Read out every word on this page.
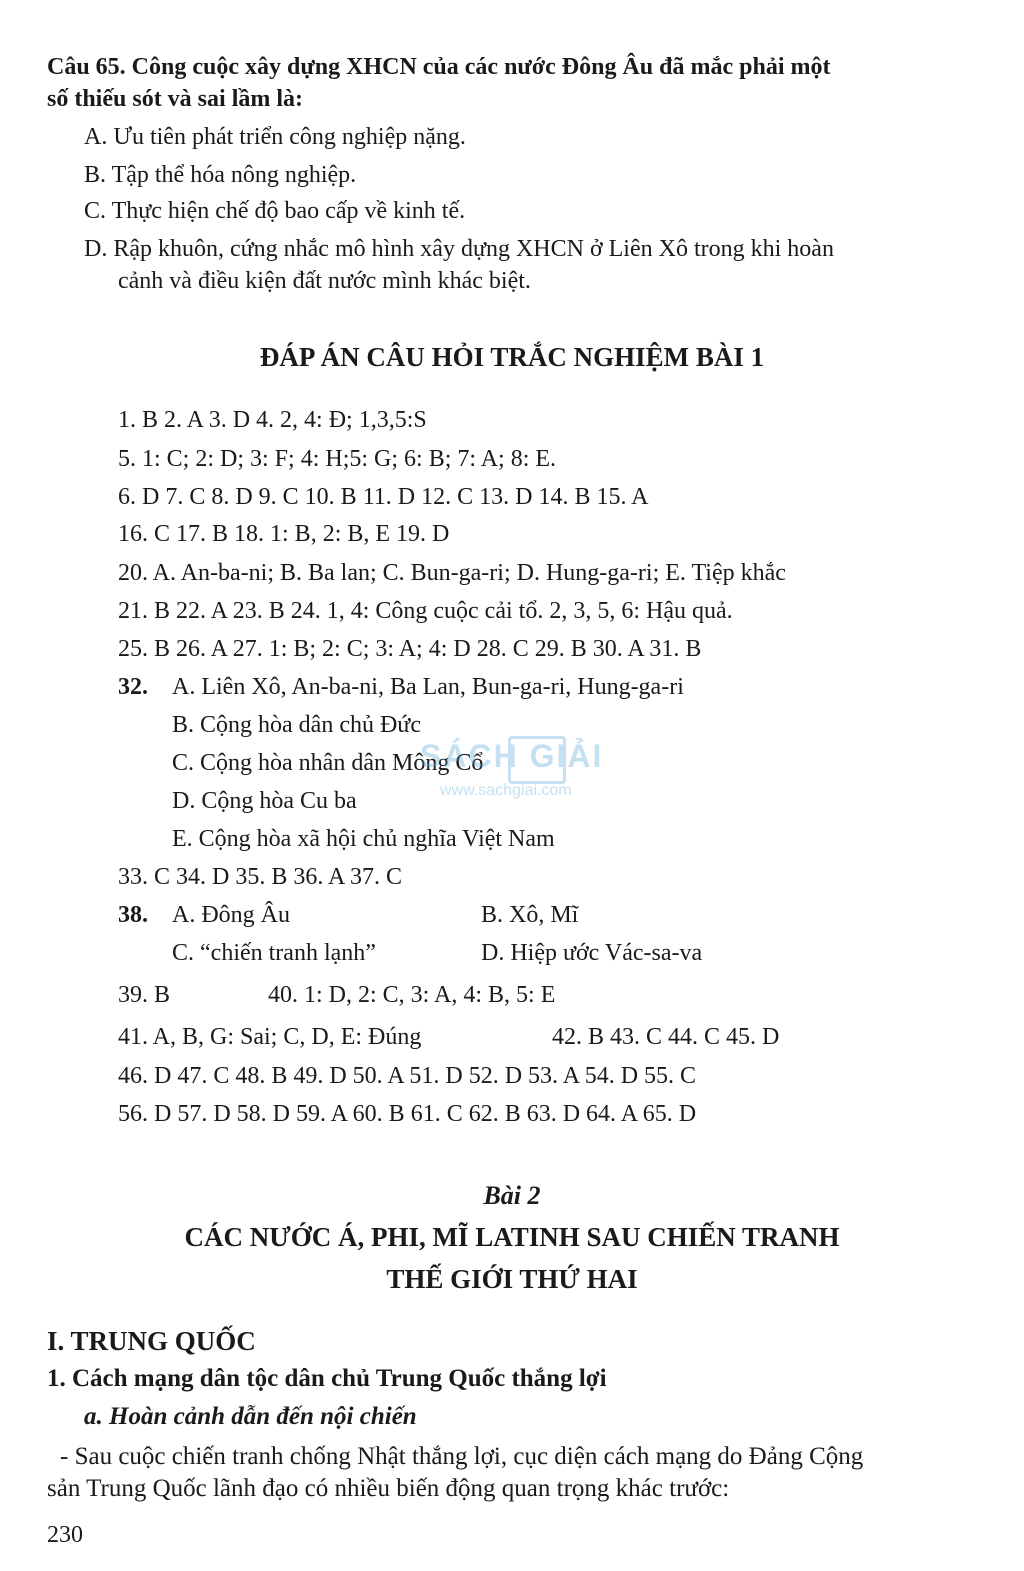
Câu 65. Công cuộc xây dựng XHCN của các nước Đông Âu đã mắc phải một
số thiếu sót và sai lầm là:
A. Ưu tiên phát triển công nghiệp nặng.
B. Tập thể hóa nông nghiệp.
C. Thực hiện chế độ bao cấp về kinh tế.
D. Rập khuôn, cứng nhắc mô hình xây dựng XHCN ở Liên Xô trong khi hoàn
cảnh và điều kiện đất nước mình khác biệt.
ĐÁP ÁN CÂU HỎI TRẮC NGHIỆM BÀI 1
1. B 2. A 3. D 4. 2, 4: Đ; 1,3,5:S
5. 1: C; 2: D; 3: F; 4: H;5: G; 6: B; 7: A; 8: E.
6. D 7. C 8. D 9. C 10. B 11. D 12. C 13. D 14. B 15. A
16. C 17. B 18. 1: B, 2: B, E 19. D
20. A. An-ba-ni; B. Ba lan; C. Bun-ga-ri; D. Hung-ga-ri; E. Tiệp khắc
21. B 22. A 23. B 24. 1, 4: Công cuộc cải tổ. 2, 3, 5, 6: Hậu quả.
25. B 26. A 27. 1: B; 2: C; 3: A; 4: D 28. C 29. B 30. A 31. B
32. A. Liên Xô, An-ba-ni, Ba Lan, Bun-ga-ri, Hung-ga-ri
B. Cộng hòa dân chủ Đức
C. Cộng hòa nhân dân Mông Cổ
D. Cộng hòa Cu ba
E. Cộng hòa xã hội chủ nghĩa Việt Nam
33. C 34. D 35. B 36. A 37. C
38. A. Đông Âu	B. Xô, Mĩ
C. “chiến tranh lạnh”	D. Hiệp ước Vác-sa-va
39. B	40. 1: D, 2: C, 3: A, 4: B, 5: E
41. A, B, G: Sai; C, D, E: Đúng	42. B 43. C 44. C 45. D
46. D 47. C 48. B 49. D 50. A 51. D 52. D 53. A 54. D 55. C
56. D 57. D 58. D 59. A 60. B 61. C 62. B 63. D 64. A 65. D
Bài 2
CÁC NƯỚC Á, PHI, MĨ LATINH SAU CHIẾN TRANH
THẾ GIỚI THỨ HAI
I. TRUNG QUỐC
1. Cách mạng dân tộc dân chủ Trung Quốc thắng lợi
a. Hoàn cảnh dẫn đến nội chiến
- Sau cuộc chiến tranh chống Nhật thắng lợi, cục diện cách mạng do Đảng Cộng
sản Trung Quốc lãnh đạo có nhiều biến động quan trọng khác trước:
230
SÁCH GIẢI
www.sachgiai.com
